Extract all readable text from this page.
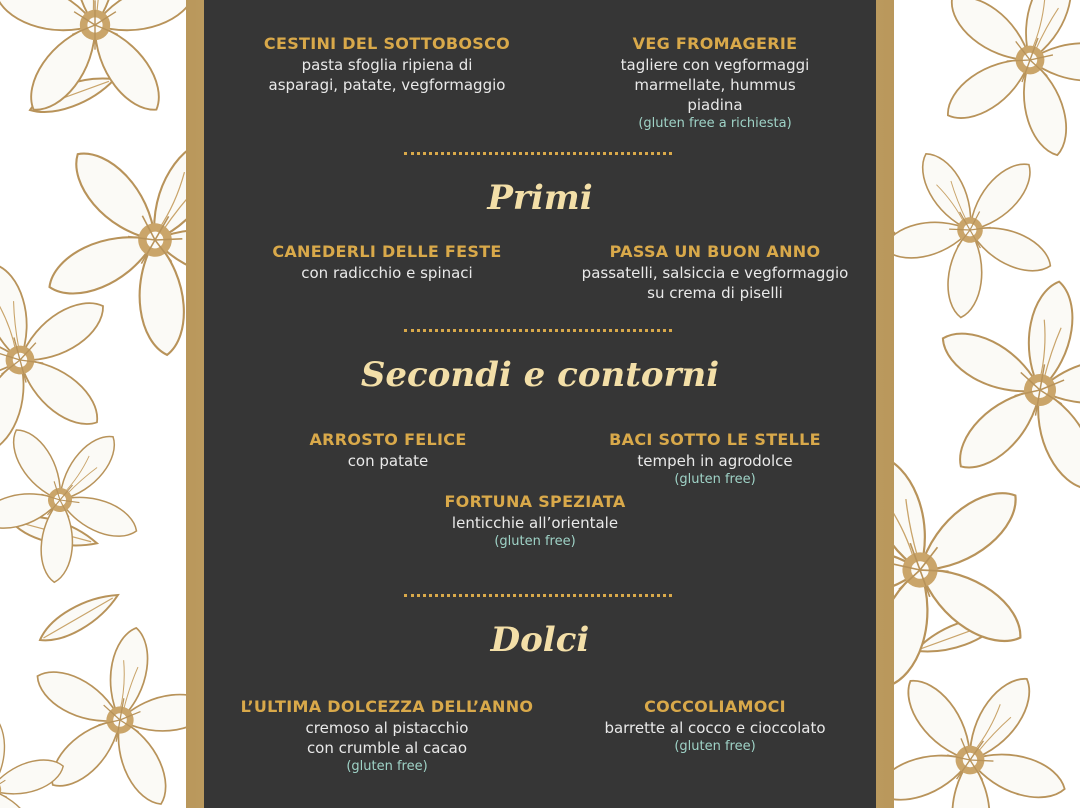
CESTINI DEL SOTTOBOSCO
pasta sfoglia ripiena di
asparagi, patate, vegformaggio
VEG FROMAGERIE
tagliere con vegformaggi
marmellate, hummus
piadina
(gluten free a richiesta)
Primi
CANEDERLI DELLE FESTE
con radicchio e spinaci
PASSA UN BUON ANNO
passatelli, salsiccia e vegformaggio
su crema di piselli
Secondi e contorni
ARROSTO FELICE
con patate
BACI SOTTO LE STELLE
tempeh in agrodolce
(gluten free)
FORTUNA SPEZIATA
lenticchie all’orientale
(gluten free)
Dolci
L’ULTIMA DOLCEZZA DELL’ANNO
cremoso al pistacchio
con crumble al cacao
(gluten free)
COCCOLIAMOCI
barrette al cocco e cioccolato
(gluten free)
